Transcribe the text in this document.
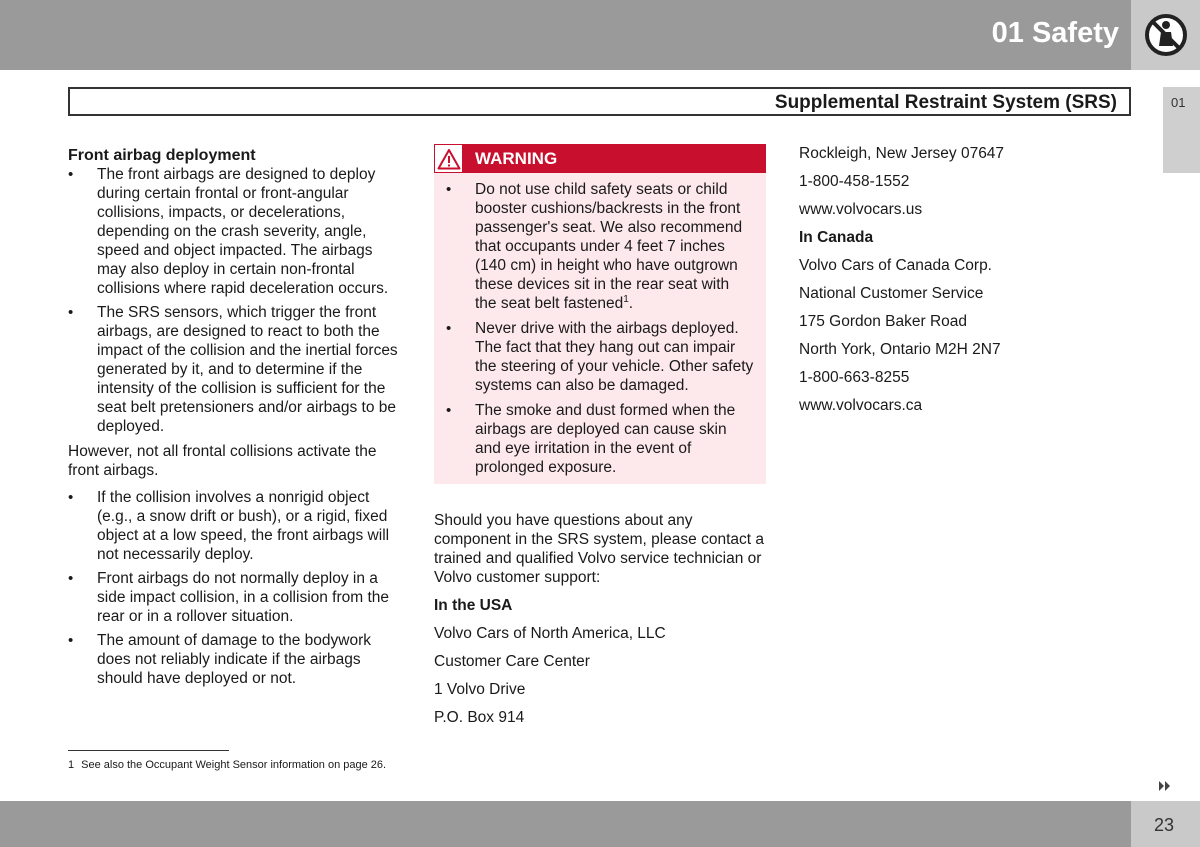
01 Safety
Supplemental Restraint System (SRS)	01
Front airbag deployment
• The front airbags are designed to deploy during certain frontal or front-angular collisions, impacts, or decelerations, depending on the crash severity, angle, speed and object impacted. The airbags may also deploy in certain non-frontal collisions where rapid deceleration occurs.
• The SRS sensors, which trigger the front airbags, are designed to react to both the impact of the collision and the inertial forces generated by it, and to determine if the intensity of the collision is sufficient for the seat belt pretensioners and/or airbags to be deployed.

However, not all frontal collisions activate the front airbags.

• If the collision involves a nonrigid object (e.g., a snow drift or bush), or a rigid, fixed object at a low speed, the front airbags will not necessarily deploy.
• Front airbags do not normally deploy in a side impact collision, in a collision from the rear or in a rollover situation.
• The amount of damage to the bodywork does not reliably indicate if the airbags should have deployed or not.
WARNING
• Do not use child safety seats or child booster cushions/backrests in the front passenger's seat. We also recommend that occupants under 4 feet 7 inches (140 cm) in height who have outgrown these devices sit in the rear seat with the seat belt fastened$^1$.
• Never drive with the airbags deployed. The fact that they hang out can impair the steering of your vehicle. Other safety systems can also be damaged.
• The smoke and dust formed when the airbags are deployed can cause skin and eye irritation in the event of prolonged exposure.

Should you have questions about any component in the SRS system, please contact a trained and qualified Volvo service technician or Volvo customer support:

In the USA

Volvo Cars of North America, LLC

Customer Care Center

1 Volvo Drive

P.O. Box 914

Rockleigh, New Jersey 07647

1-800-458-1552

www.volvocars.us

In Canada

Volvo Cars of Canada Corp.

National Customer Service

175 Gordon Baker Road

North York, Ontario M2H 2N7

1-800-663-8255

www.volvocars.ca

1 See also the Occupant Weight Sensor information on page 26.
23
